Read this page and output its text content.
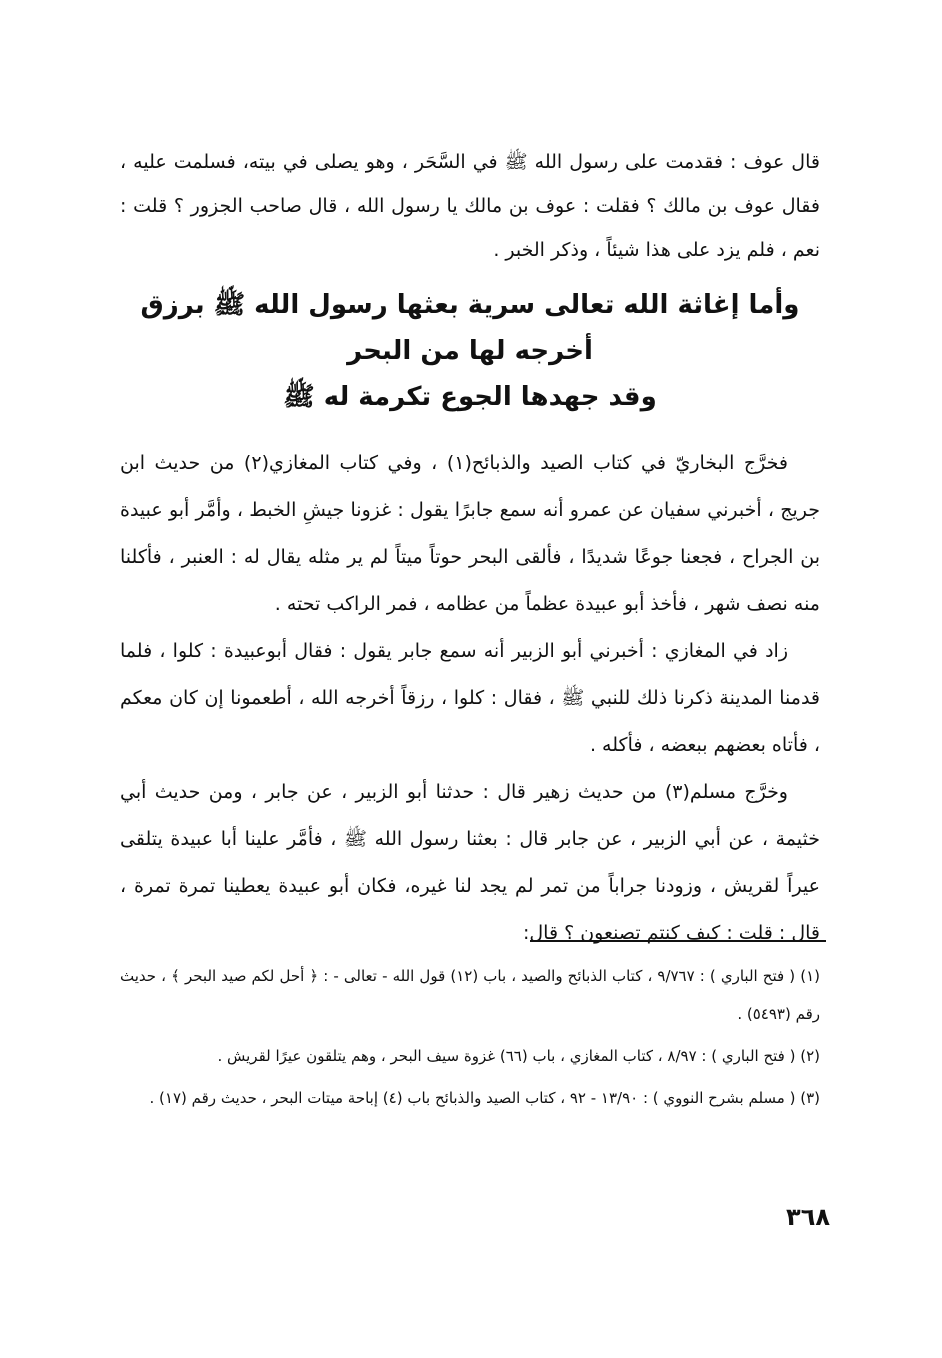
قال عوف : فقدمت على رسول الله ﷺ في السَّحَر ، وهو يصلى في بيته، فسلمت عليه ، فقال عوف بن مالك ؟ فقلت : عوف بن مالك يا رسول الله ، قال صاحب الجزور ؟ قلت : نعم ، فلم يزد على هذا شيئاً ، وذكر الخبر .
وأما إغاثة الله تعالى سرية بعثها رسول الله ﷺ برزق
أخرجه لها من البحر
وقد جهدها الجوع تكرمة له ﷺ

فخرَّج البخاريّ في كتاب الصيد والذبائح(١) ، وفي كتاب المغازي(٢) من حديث ابن جريج ، أخبرني سفيان عن عمرو أنه سمع جابرًا يقول : غزونا جيشِ الخبط ، وأمَّر أبو عبيدة بن الجراح ، فجعنا جوعًا شديدًا ، فألقى البحر حوتاً ميتاً لم ير مثله يقال له : العنبر ، فأكلنا منه نصف شهر ، فأخذ أبو عبيدة عظماً من عظامه ، فمر الراكب تحته .

زاد في المغازي : أخبرني أبو الزبير أنه سمع جابر يقول : فقال أبوعبيدة : كلوا ، فلما قدمنا المدينة ذكرنا ذلك للنبي ﷺ ، فقال : كلوا ، رزقاً أخرجه الله ، أطعمونا إن كان معكم ، فأتاه بعضهم ببعضه ، فأكله .

وخرَّج مسلم(٣) من حديث زهير قال : حدثنا أبو الزبير ، عن جابر ، ومن حديث أبي خثيمة ، عن أبي الزبير ، عن جابر قال : بعثنا رسول الله ﷺ ، فأمَّر علينا أبا عبيدة يتلقى عيراً لقريش ، وزودنا جراباً من تمر لم يجد لنا غيره، فكان أبو عبيدة يعطينا تمرة تمرة ، قال : قلت : كيف كنتم تصنعون ؟ قال:

(١) ( فتح الباري ) : ٩/٧٦٧ ، كتاب الذبائح والصيد ، باب (١٢) قول الله - تعالى - : ﴿ أحل لكم صيد البحر ﴾ ، حديث رقم (٥٤٩٣) .

(٢) ( فتح الباري ) : ٨/٩٧ ، كتاب المغازي ، باب (٦٦) غزوة سيف البحر ، وهم يتلقون عيرًا لقريش .

(٣) ( مسلم بشرح النووي ) : ١٣/٩٠ - ٩٢ ، كتاب الصيد والذبائح باب (٤) إباحة ميتات البحر ، حديث رقم (١٧) .

٣٦٨
